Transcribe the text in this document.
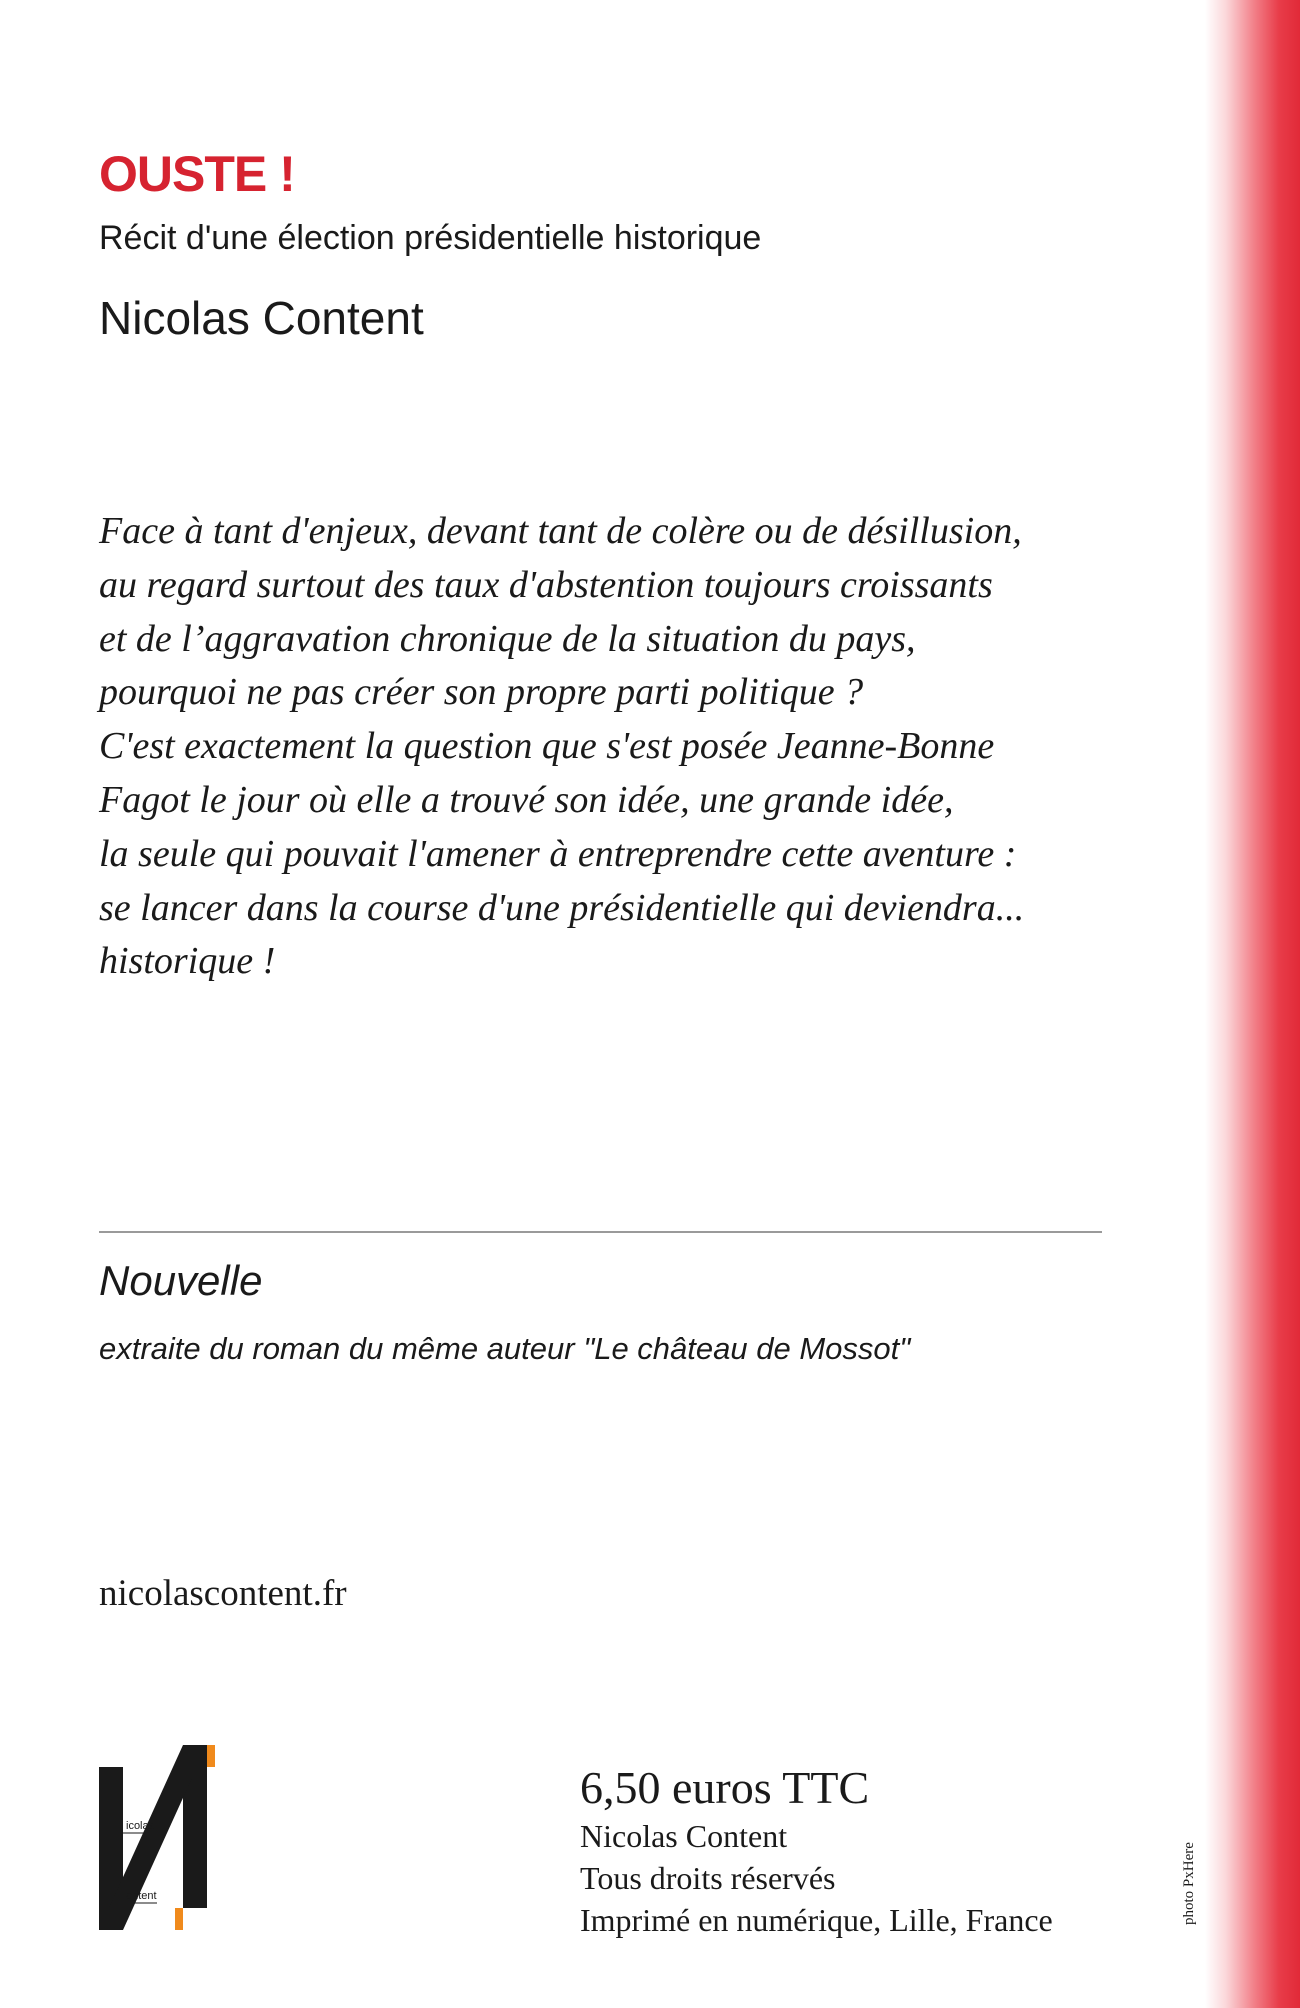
OUSTE !
Récit d'une élection présidentielle historique
Nicolas Content
Face à tant d'enjeux, devant tant de colère ou de désillusion,
au regard surtout des taux d'abstention toujours croissants
et de l’aggravation chronique de la situation du pays,
pourquoi ne pas créer son propre parti politique ?
C'est exactement la question que s'est posée Jeanne-Bonne
Fagot le jour où elle a trouvé son idée, une grande idée,
la seule qui pouvait l'amener à entreprendre cette aventure :
se lancer dans la course d'une présidentielle qui deviendra...
historique !
Nouvelle
extraite du roman du même auteur "Le château de Mossot"
nicolascontent.fr
icolas
ontent
6,50 euros TTC
Nicolas Content
Tous droits réservés
Imprimé en numérique, Lille, France	photo PxHere
